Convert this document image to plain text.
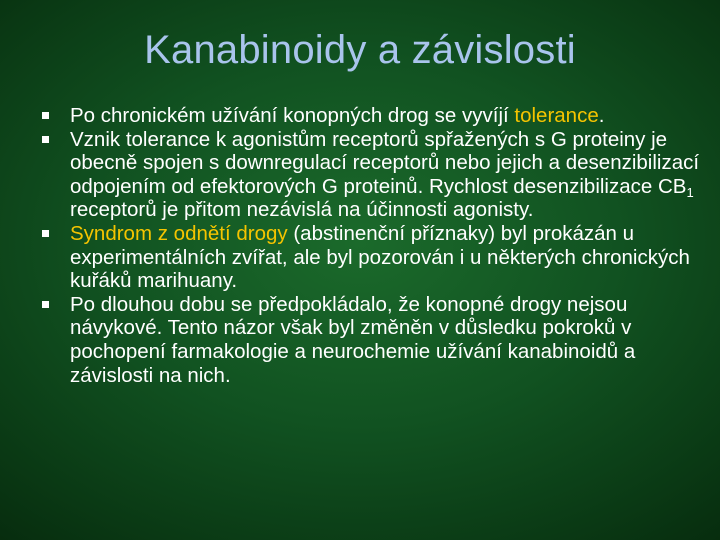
Kanabinoidy a závislosti
Po chronickém užívání konopných drog se vyvíjí tolerance.
Vznik tolerance k agonistům receptorů spřažených s G proteiny je obecně spojen s downregulací receptorů nebo jejich a desenzibilizací odpojením od efektorových G proteinů. Rychlost desenzibilizace $CB_1$ receptorů je přitom nezávislá na účinnosti agonisty.
Syndrom z odnětí drogy (abstinenční příznaky) byl prokázán u experimentálních zvířat, ale byl pozorován i u některých chronických kuřáků marihuany.
Po dlouhou dobu se předpokládalo, že konopné drogy nejsou návykové. Tento názor však byl změněn v důsledku pokroků v pochopení farmakologie a neurochemie užívání kanabinoidů a závislosti na nich.
